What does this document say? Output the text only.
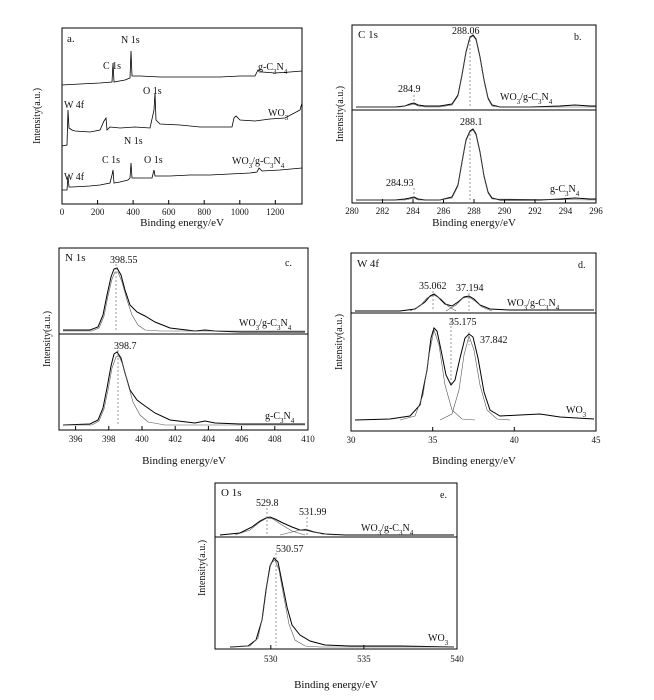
a.
Intensity(a.u.)
Binding energy/eV
0	200 400 600 800 1000 1200
N 1s
C 1s
O 1s
W 4f
N 1s
C 1s O 1s
W 4f
$g-C_3N_4$
$WO_3$
$WO_3/g-C_3N_4$
C 1s	b.
Intensity(a.u.)
Binding energy/eV
280 282 284 286 288 290 292 294 296
288.06
284.9
$WO_3/g-C_3N_4$
288.1
284.93
$g-C_3N_4$
N 1s	c.
Intensity(a.u.)
Binding energy/eV
396 398 400 402 404 406 408 410
398.55
$WO_3/g-C_3N_4$
398.7
$g-C_3N_4$
W 4f	d.
Intensity(a.u.)
Binding energy/eV
30	35	40	45
35.062 37.194
$WO_3/g-C_3N_4$
35.175
37.842
$WO_3$
O 1s	e.
Intensity(a.u.)
Binding energy/eV
530	535	540
529.8
531.99
$WO_3/g-C_3N_4$
530.57
$WO_3$
